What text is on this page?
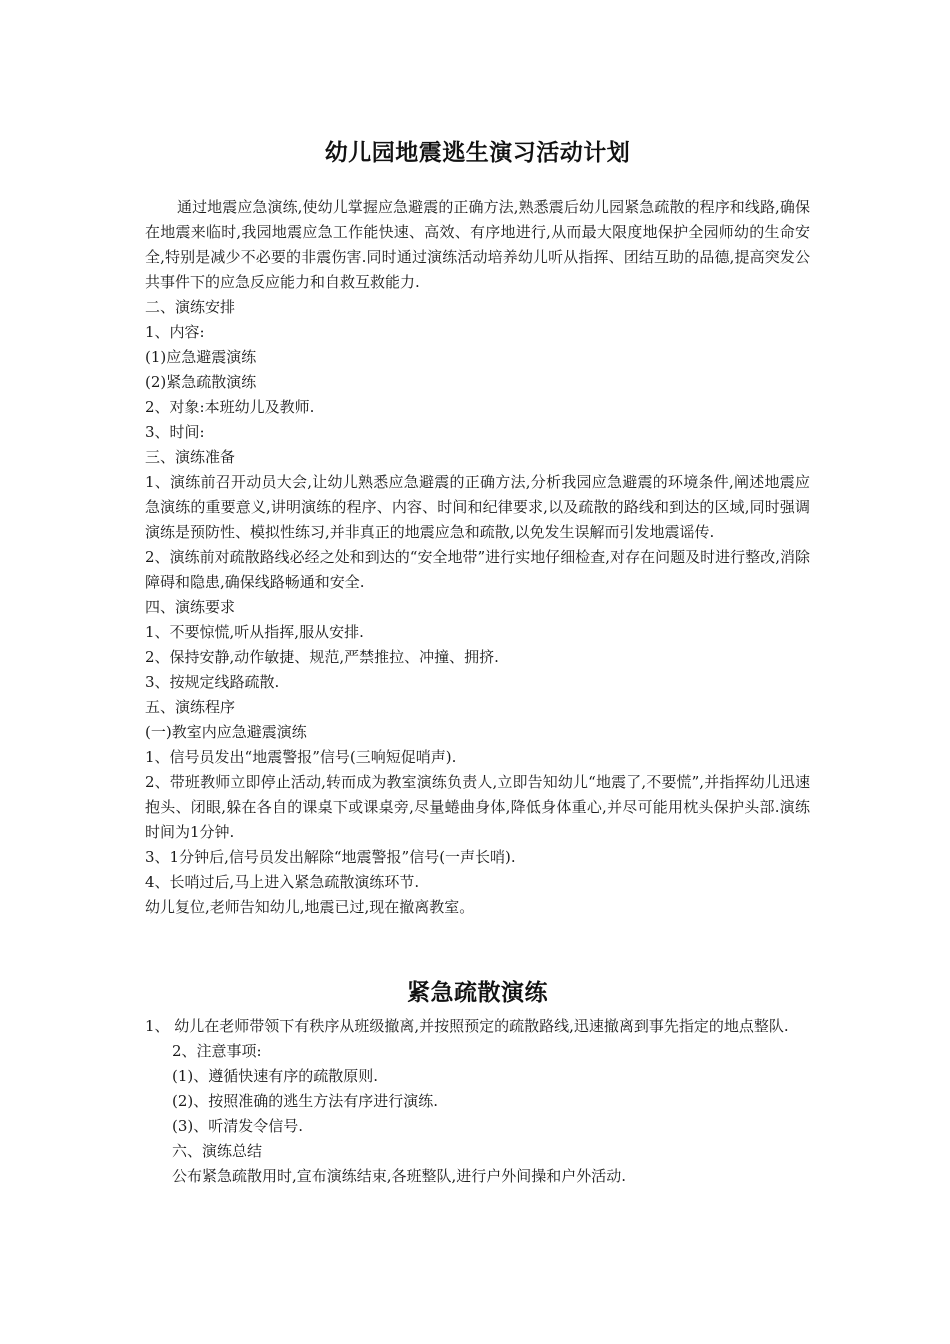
幼儿园地震逃生演习活动计划

通过地震应急演练,使幼儿掌握应急避震的正确方法,熟悉震后幼儿园紧急疏散的程序和线路,确保在地震来临时,我园地震应急工作能快速、高效、有序地进行,从而最大限度地保护全园师幼的生命安全,特别是减少不必要的非震伤害.同时通过演练活动培养幼儿听从指挥、团结互助的品德,提高突发公共事件下的应急反应能力和自救互救能力.

二、演练安排

1、内容:

(1)应急避震演练

(2)紧急疏散演练

2、对象:本班幼儿及教师.

3、时间:

三、演练准备

1、演练前召开动员大会,让幼儿熟悉应急避震的正确方法,分析我园应急避震的环境条件,阐述地震应急演练的重要意义,讲明演练的程序、内容、时间和纪律要求,以及疏散的路线和到达的区域,同时强调演练是预防性、模拟性练习,并非真正的地震应急和疏散,以免发生误解而引发地震谣传.

2、演练前对疏散路线必经之处和到达的“安全地带”进行实地仔细检查,对存在问题及时进行整改,消除障碍和隐患,确保线路畅通和安全.

四、演练要求

1、不要惊慌,听从指挥,服从安排.

2、保持安静,动作敏捷、规范,严禁推拉、冲撞、拥挤.

3、按规定线路疏散.

五、演练程序

(一)教室内应急避震演练

1、信号员发出“地震警报”信号(三响短促哨声).

2、带班教师立即停止活动,转而成为教室演练负责人,立即告知幼儿“地震了,不要慌”,并指挥幼儿迅速抱头、闭眼,躲在各自的课桌下或课桌旁,尽量蜷曲身体,降低身体重心,并尽可能用枕头保护头部.演练时间为1分钟.

3、1分钟后,信号员发出解除“地震警报”信号(一声长哨).

4、长哨过后,马上进入紧急疏散演练环节.

幼儿复位,老师告知幼儿,地震已过,现在撤离教室。

紧急疏散演练

1、 幼儿在老师带领下有秩序从班级撤离,并按照预定的疏散路线,迅速撤离到事先指定的地点整队.

2、注意事项:

(1)、遵循快速有序的疏散原则.

(2)、按照准确的逃生方法有序进行演练.

(3)、听清发令信号.

六、演练总结

公布紧急疏散用时,宣布演练结束,各班整队,进行户外间操和户外活动.
